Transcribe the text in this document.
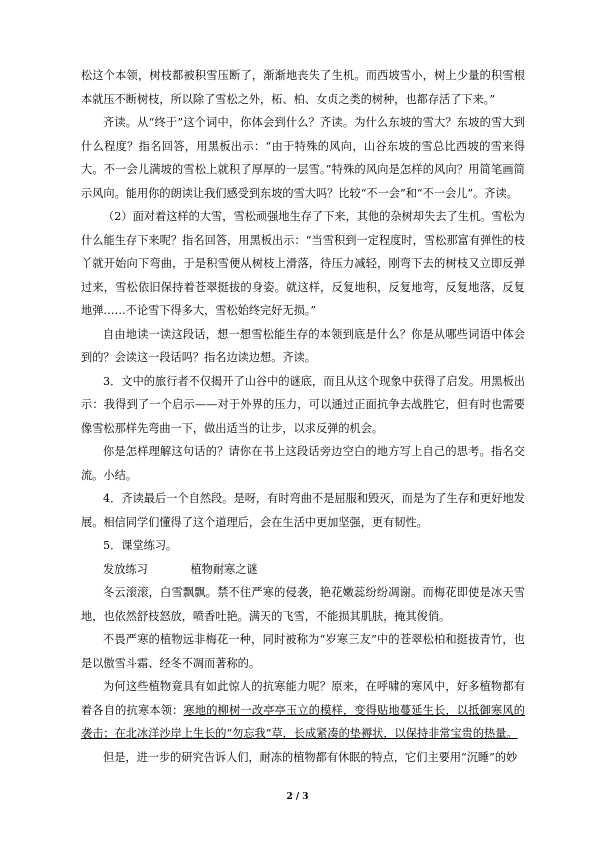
松这个本领，树枝都被积雪压断了，渐渐地丧失了生机。而西坡雪小，树上少量的积雪根本就压不断树枝，所以除了雪松之外，柘、柏、女贞之类的树种，也都存活了下来。”

齐读。从“终于”这个词中，你体会到什么？齐读。为什么东坡的雪大？东坡的雪大到什么程度？指名回答，用黑板出示：“由于特殊的风向，山谷东坡的雪总比西坡的雪来得大。不一会儿满坡的雪松上就积了厚厚的一层雪。”特殊的风向是怎样的风向？用简笔画简示风向。能用你的朗读让我们感受到东坡的雪大吗？比较“不一会”和“不一会儿”。齐读。

（2）面对着这样的大雪，雪松顽强地生存了下来，其他的杂树却失去了生机。雪松为什么能生存下来呢？指名回答，用黑板出示：“当雪积到一定程度时，雪松那富有弹性的枝丫就开始向下弯曲，于是积雪便从树枝上滑落，待压力减轻，刚弯下去的树枝又立即反弹过来，雪松依旧保持着苍翠挺拔的身姿。就这样，反复地积，反复地弯，反复地落，反复地弹……不论雪下得多大，雪松始终完好无损。”

自由地读一读这段话，想一想雪松能生存的本领到底是什么？你是从哪些词语中体会到的？会读这一段话吗？指名边读边想。齐读。

3．文中的旅行者不仅揭开了山谷中的谜底，而且从这个现象中获得了启发。用黑板出示：我得到了一个启示——对于外界的压力，可以通过正面抗争去战胜它，但有时也需要像雪松那样先弯曲一下，做出适当的让步，以求反弹的机会。

你是怎样理解这句话的？请你在书上这段话旁边空白的地方写上自己的思考。指名交流。小结。

4．齐读最后一个自然段。是呀，有时弯曲不是屈服和毁灭，而是为了生存和更好地发展。相信同学们懂得了这个道理后，会在生活中更加坚强，更有韧性。

5．课堂练习。

发放练习	植物耐寒之谜

冬云滚滚，白雪飘飘。禁不住严寒的侵袭，艳花嫩蕊纷纷凋谢。而梅花即使是冰天雪地，也依然舒枝怒放，喷香吐艳。满天的飞雪，不能损其肌肤，掩其俊俏。

不畏严寒的植物远非梅花一种，同时被称为“岁寒三友”中的苍翠松柏和挺拔青竹，也是以傲雪斗霜、经冬不凋而著称的。

为何这些植物竟具有如此惊人的抗寒能力呢？原来，在呼啸的寒风中，好多植物都有着各自的抗寒本领：寒地的柳树一改亭亭玉立的模样，变得贴地蔓延生长，以抵御寒风的袭击；在北冰洋沙岸上生长的“勿忘我”草，长成紧凑的垫褥状，以保持非常宝贵的热量。

但是，进一步的研究告诉人们，耐冻的植物都有休眠的特点，它们主要用“沉睡”的妙

2 / 3
